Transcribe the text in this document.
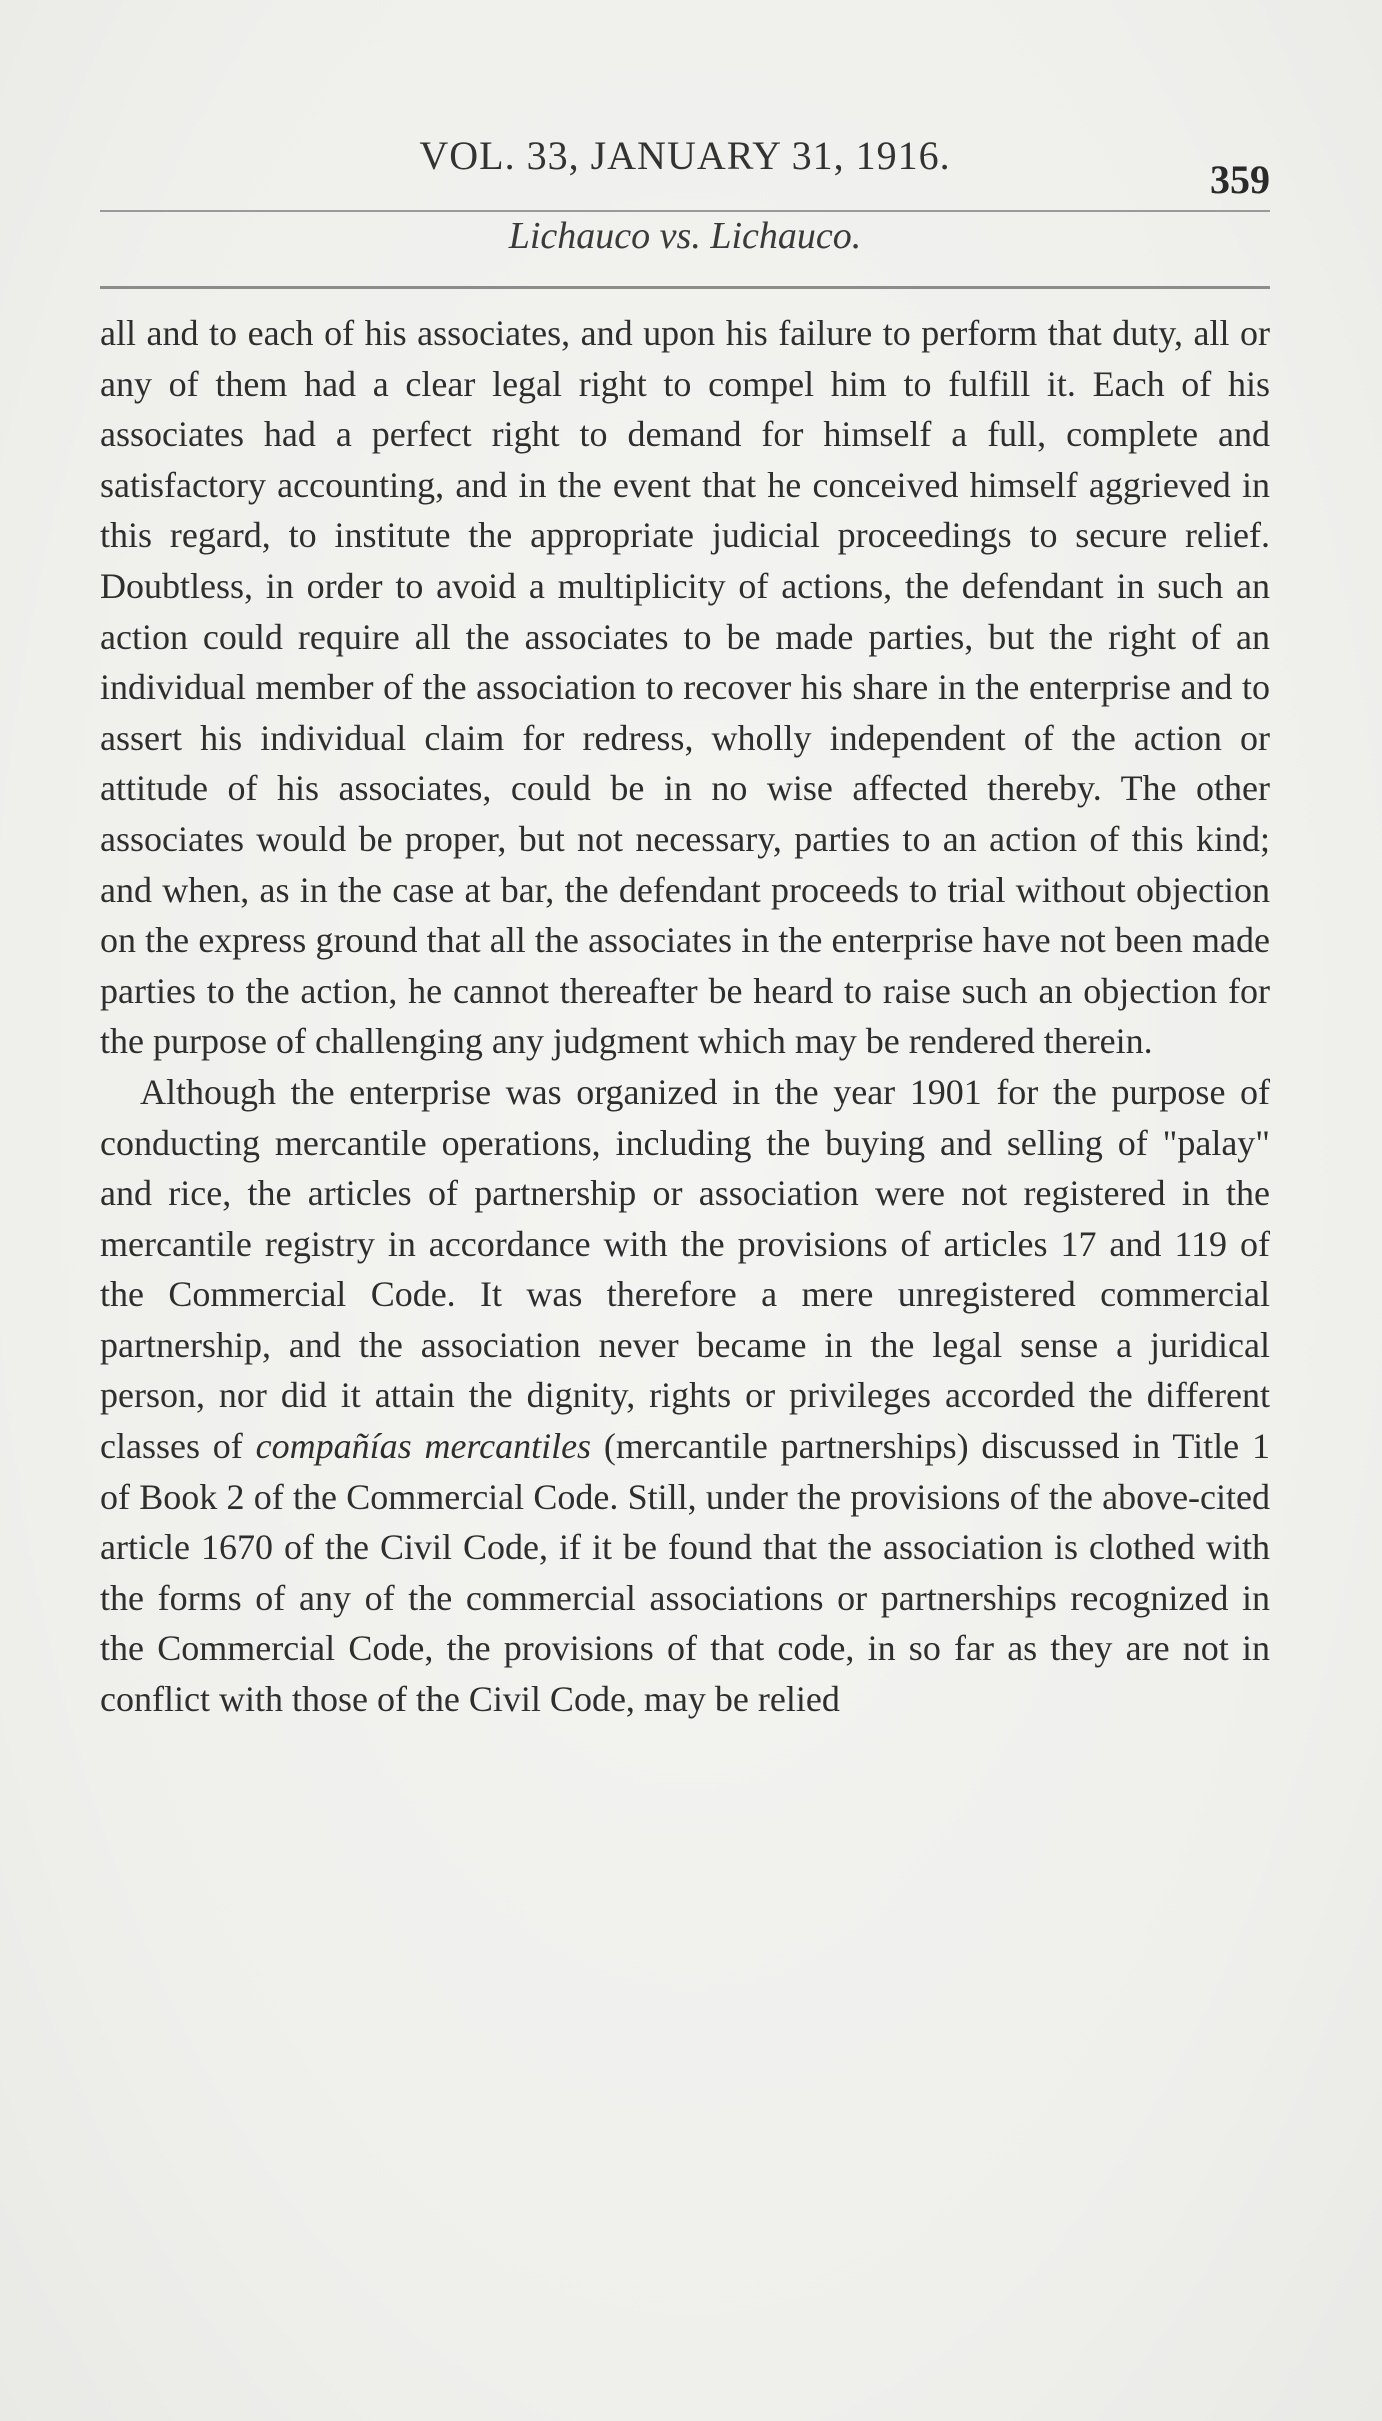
VOL. 33, JANUARY 31, 1916.
359
Lichauco vs. Lichauco.

all and to each of his associates, and upon his failure to perform that duty, all or any of them had a clear legal right to compel him to fulfill it. Each of his associates had a perfect right to demand for himself a full, complete and satisfactory accounting, and in the event that he conceived himself aggrieved in this regard, to institute the appropriate judicial proceedings to secure relief. Doubtless, in order to avoid a multiplicity of actions, the defendant in such an action could require all the associates to be made parties, but the right of an individual member of the association to recover his share in the enterprise and to assert his individual claim for redress, wholly independent of the action or attitude of his associates, could be in no wise affected thereby. The other associates would be proper, but not necessary, parties to an action of this kind; and when, as in the case at bar, the defendant proceeds to trial without objection on the express ground that all the associates in the enterprise have not been made parties to the action, he cannot thereafter be heard to raise such an objection for the purpose of challenging any judgment which may be rendered therein.

Although the enterprise was organized in the year 1901 for the purpose of conducting mercantile operations, including the buying and selling of "palay" and rice, the articles of partnership or association were not registered in the mercantile registry in accordance with the provisions of articles 17 and 119 of the Commercial Code. It was therefore a mere unregistered commercial partnership, and the association never became in the legal sense a juridical person, nor did it attain the dignity, rights or privileges accorded the different classes of compañías mercantiles (mercantile partnerships) discussed in Title 1 of Book 2 of the Commercial Code. Still, under the provisions of the above-cited article 1670 of the Civil Code, if it be found that the association is clothed with the forms of any of the commercial associations or partnerships recognized in the Commercial Code, the provisions of that code, in so far as they are not in conflict with those of the Civil Code, may be relied
